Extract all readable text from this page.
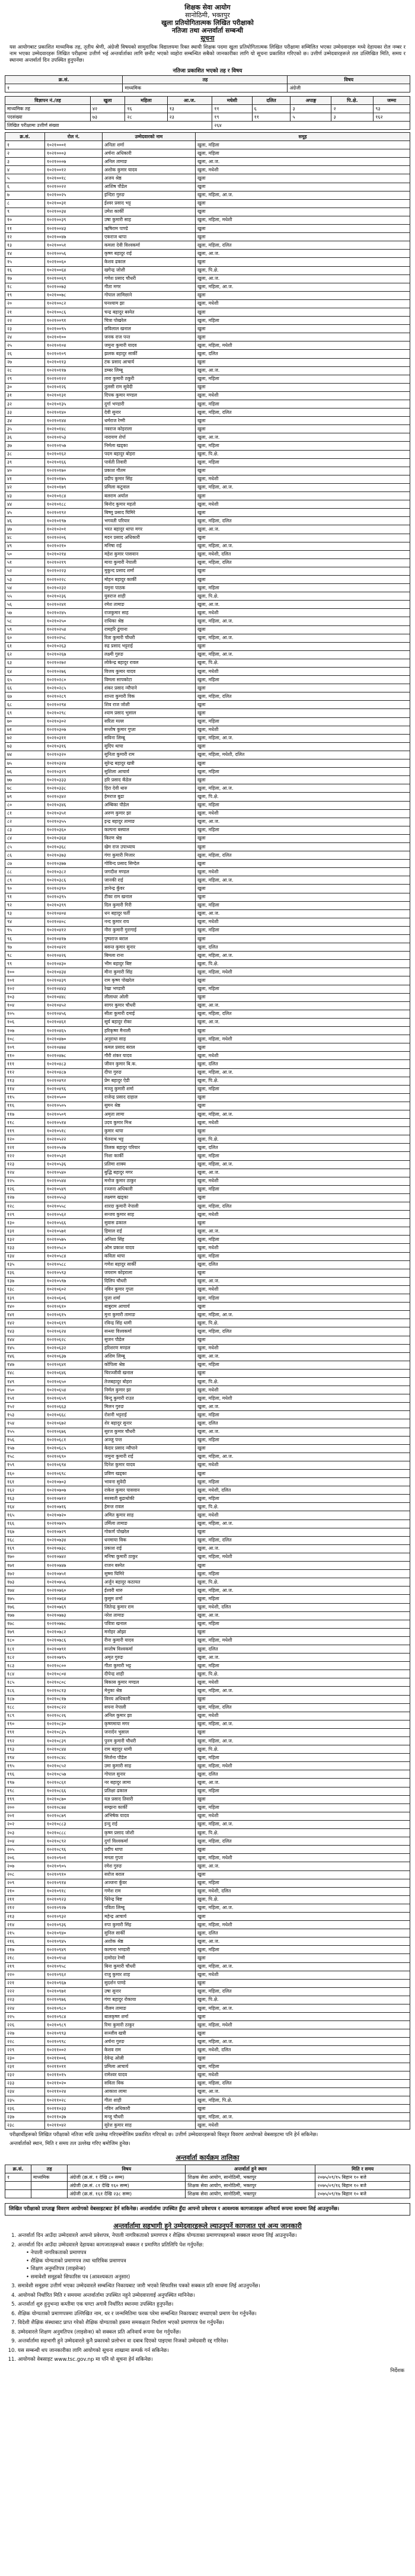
शिक्षक सेवा आयोग
सानोठिमी, भक्तपुर
खुला प्रतियोगितात्मक लिखित परीक्षाको
नतिजा तथा अन्तर्वार्ता सम्बन्धी
सूचना
यस आयोगबाट प्रकाशित माध्यमिक तह, तृतीय श्रेणी, अंग्रेजी विषयको सामुदायिक विद्यालयमा रिक्त स्थायी शिक्षक पदमा खुला प्रतियोगितात्मक लिखित परीक्षामा सम्मिलित भएका उम्मेदवारहरू मध्ये देहायका रोल नम्बर र नाम भएका उम्मेदवारहरू लिखित परीक्षामा उत्तीर्ण भई अन्तर्वार्ताका लागि छनौट भएको व्यहोरा सम्बन्धित सबैको जानकारीका लागि यो सूचना प्रकाशित गरिएको छ। उत्तीर्ण उम्मेदवारहरूले तल उल्लिखित मिति, समय र स्थानमा अन्तर्वार्ता दिन उपस्थित हुनुपर्नेछ।
नतिजा प्रकाशित भएको तह र विषय
क्र.सं.	तह	विषय
१	माध्यमिक	अंग्रेजी
विज्ञापन नं./तह	खुला	महिला	आ.ज.	मधेशी	दलित	अपाङ्ग	पि.क्षे.	जम्मा
माध्यमिक तह	४२	१६	१३	११	६	३	२	९३
पदसंख्या	७३	२८	२३	१९	११	५	३	१६२
लिखित परीक्षामा उत्तीर्ण संख्या				२६४				
क्र.सं.	रोल नं.	उम्मेदवारको नाम	समूह
१	१०२१०००१	अनिता शर्मा	खुला, महिला
२	१०२१०००३	अर्चना अधिकारी	खुला, महिला
३	१०२१०००७	अनिल तामाङ	खुला, आ.ज.
४	१०२१००१२	अशोक कुमार यादव	खुला, मधेशी
५	१०२१००१८	अजय श्रेष्ठ	खुला
६	१०२१००२२	आशिष पौडेल	खुला
७	१०२१००२५	इन्दिरा गुरुङ	खुला, महिला, आ.ज.
८	१०२१००३१	ईश्वर प्रसाद भट्ट	खुला
९	१०२१००३४	उमेश कार्की	खुला
१०	१०२१००३९	उषा कुमारी साह	खुला, महिला, मधेशी
११	१०२१००४३	ऋषिराम पाण्डे	खुला
१२	१०२१००४७	एकराज थापा	खुला
१३	१०२१००५१	कमला देवी विश्वकर्मा	खुला, महिला, दलित
१४	१०२१००५६	कृष्ण बहादुर राई	खुला, आ.ज.
१५	१०२१००६०	केशव ढकाल	खुला
१६	१०२१००६४	खगेन्द्र जोशी	खुला, पि.क्षे.
१७	१०२१००६९	गणेश प्रसाद चौधरी	खुला, आ.ज.
१८	१०२१००७३	गीता मगर	खुला, महिला, आ.ज.
१९	१०२१००७८	गोपाल लामिछाने	खुला
२०	१०२१००८२	घनश्याम झा	खुला, मधेशी
२१	१०२१००८६	चन्द्र बहादुर बस्नेत	खुला
२२	१०२१००९१	चित्रा पोखरेल	खुला, महिला
२३	१०२१००९५	छविलाल खनाल	खुला
२४	१०२१०१००	जनक राज पन्त	खुला
२५	१०२१०१०४	जमुना कुमारी यादव	खुला, महिला, मधेशी
२६	१०२१०१०९	झलक बहादुर सार्की	खुला, दलित
२७	१०२१०११३	टंक प्रसाद आचार्य	खुला
२८	१०२१०११७	डम्बर लिम्बू	खुला, आ.ज.
२९	१०२१०१२२	तारा कुमारी ठकुरी	खुला, महिला
३०	१०२१०१२६	तुलसी राम सुवेदी	खुला
३१	१०२१०१३१	दिपक कुमार मण्डल	खुला, मधेशी
३२	१०२१०१३५	दुर्गा भण्डारी	खुला, महिला
३३	१०२१०१४०	देवी सुनार	खुला, महिला, दलित
३४	१०२१०१४४	धर्मराज रेग्मी	खुला
३५	१०२१०१४८	नवराज कोइराला	खुला
३६	१०२१०१५३	नारायण शेर्पा	खुला, आ.ज.
३७	१०२१०१५७	निर्मला खड्का	खुला, महिला
३८	१०२१०१६२	पदम बहादुर बोहरा	खुला, पि.क्षे.
३९	१०२१०१६६	पार्वती तिवारी	खुला, महिला
४०	१०२१०१७०	प्रकाश गौतम	खुला
४१	१०२१०१७५	प्रदीप कुमार सिंह	खुला, मधेशी
४२	१०२१०१७९	प्रमिला कटुवाल	खुला, महिला, आ.ज.
४३	१०२१०१८४	बलराम अर्याल	खुला
४४	१०२१०१८८	बिनोद कुमार महतो	खुला, मधेशी
४५	१०२१०१९२	बिष्णु प्रसाद घिमिरे	खुला
४६	१०२१०१९७	भगवती परियार	खुला, महिला, दलित
४७	१०२१०२०१	भरत बहादुर थापा मगर	खुला, आ.ज.
४८	१०२१०२०६	मदन प्रसाद अधिकारी	खुला
४९	१०२१०२१०	मनिषा राई	खुला, महिला, आ.ज.
५०	१०२१०२१४	महेश कुमार पासवान	खुला, मधेशी, दलित
५१	१०२१०२१९	माया कुमारी नेपाली	खुला, महिला, दलित
५२	१०२१०२२३	मुकुन्द प्रसाद शर्मा	खुला
५३	१०२१०२२८	मोहन बहादुर कार्की	खुला
५४	१०२१०२३२	यमुना पाठक	खुला, महिला
५५	१०२१०२३६	युवराज शाही	खुला, पि.क्षे.
५६	१०२१०२४१	रमेश तामाङ	खुला, आ.ज.
५७	१०२१०२४५	राजकुमार साह	खुला, मधेशी
५८	१०२१०२५०	राधिका श्रेष्ठ	खुला, महिला, आ.ज.
५९	१०२१०२५४	रामहरि ढुंगाना	खुला
६०	१०२१०२५८	रिता कुमारी चौधरी	खुला, महिला, आ.ज.
६१	१०२१०२६३	रुद्र प्रसाद भट्टराई	खुला
६२	१०२१०२६७	लक्ष्मी गुरुङ	खुला, महिला, आ.ज.
६३	१०२१०२७२	लोकेन्द्र बहादुर रावल	खुला, पि.क्षे.
६४	१०२१०२७६	विजय कुमार यादव	खुला, मधेशी
६५	१०२१०२८०	विमला सापकोटा	खुला, महिला
६६	१०२१०२८५	शंकर प्रसाद न्यौपाने	खुला
६७	१०२१०२८९	शान्ता कुमारी विक	खुला, महिला, दलित
६८	१०२१०२९४	शिव राज जोशी	खुला
६९	१०२१०२९८	श्याम प्रसाद भुसाल	खुला
७०	१०२१०३०२	सरिता मल्ल	खुला, महिला
७१	१०२१०३०७	सन्तोष कुमार गुप्ता	खुला, मधेशी
७२	१०२१०३११	सविना लिम्बू	खुला, महिला, आ.ज.
७३	१०२१०३१६	सुदिप थापा	खुला
७४	१०२१०३२०	सुनिता कुमारी राम	खुला, महिला, मधेशी, दलित
७५	१०२१०३२४	सुरेन्द्र बहादुर खत्री	खुला
७६	१०२१०३२९	सुशिला आचार्य	खुला, महिला
७७	१०२१०३३३	हरि प्रसाद कँडेल	खुला
७८	१०२१०३३८	हिरा देवी थारु	खुला, महिला, आ.ज.
७९	१०२१०३४२	हेमराज बुढा	खुला, पि.क्षे.
८०	१०२१०३४६	अम्बिका पौडेल	खुला, महिला
८१	१०२१०३५१	अरुण कुमार झा	खुला, मधेशी
८२	१०२१०३५५	इन्द्र बहादुर तामाङ	खुला, आ.ज.
८३	१०२१०३६०	कल्पना बस्याल	खुला, महिला
८४	१०२१०३६४	किरण श्रेष्ठ	खुला
८५	१०२१०३६८	खेम राज उपाध्याय	खुला
८६	१०२१०३७३	गंगा कुमारी मिजार	खुला, महिला, दलित
८७	१०२१०३७७	गोविन्द प्रसाद सिग्देल	खुला
८८	१०२१०३८२	जगदीश मण्डल	खुला, मधेशी
८९	१०२१०३८६	जानकी राई	खुला, महिला, आ.ज.
९०	१०२१०३९०	ज्ञानेन्द्र कुँवर	खुला
९१	१०२१०३९५	टीका राम खनाल	खुला
९२	१०२१०३९९	दिल कुमारी गिरी	खुला, महिला
९३	१०२१०४०४	धन बहादुर घर्ती	खुला, आ.ज.
९४	१०२१०४०८	नन्द कुमार राय	खुला, मधेशी
९५	१०२१०४१२	नीरा कुमारी गुरागाई	खुला, महिला
९६	१०२१०४१७	पुष्पराज बराल	खुला
९७	१०२१०४२१	बसन्त कुमार सुनार	खुला, दलित
९८	१०२१०४२६	बिमला राना	खुला, महिला, आ.ज.
९९	१०२१०४३०	भीम बहादुर बिष्ट	खुला, पि.क्षे.
१००	१०२१०४३४	मीना कुमारी सिंह	खुला, महिला, मधेशी
१०१	१०२१०४३९	राम कृष्ण पोखरेल	खुला
१०२	१०२१०४४३	रेखा भण्डारी	खुला, महिला
१०३	१०२१०४४८	लीलाधर ओली	खुला
१०४	१०२१०४५२	सागर कुमार चौधरी	खुला, आ.ज.
१०५	१०२१०४५६	सीता कुमारी दमाई	खुला, महिला, दलित
१०६	१०२१०४६१	सूर्य बहादुर रोका	खुला, आ.ज.
१०७	१०२१०४६५	हरिकृष्ण मैनाली	खुला
१०८	१०२१०४७०	अनुराधा साह	खुला, महिला, मधेशी
१०९	१०२१०४७४	कमल प्रसाद बराल	खुला
११०	१०२१०४७८	गौरी शंकर यादव	खुला, मधेशी
१११	१०२१०४८३	जीवन कुमार बि.क.	खुला, दलित
११२	१०२१०४८७	दीपा गुरुङ	खुला, महिला, आ.ज.
११३	१०२१०४९२	प्रेम बहादुर ऐडी	खुला, पि.क्षे.
११४	१०२१०४९६	मञ्जु कुमारी शर्मा	खुला, महिला
११५	१०२१०५००	राजेन्द्र प्रसाद दाहाल	खुला
११६	१०२१०५०५	सुमन श्रेष्ठ	खुला
११७	१०२१०५०९	अमृता लामा	खुला, महिला, आ.ज.
११८	१०२१०५१४	उदय कुमार मिश्र	खुला, मधेशी
११९	१०२१०५१८	कुमार थापा	खुला
१२०	१०२१०५२२	चेतनाथ भट्ट	खुला, पि.क्षे.
१२१	१०२१०५२७	तिलक बहादुर परियार	खुला, दलित
१२२	१०२१०५३१	निशा कार्की	खुला, महिला
१२३	१०२१०५३६	प्रतिमा शाक्य	खुला, महिला, आ.ज.
१२४	१०२१०५४०	बुद्धि बहादुर मगर	खुला, आ.ज.
१२५	१०२१०५४४	मनोज कुमार ठाकुर	खुला, मधेशी
१२६	१०२१०५४९	रञ्जना अधिकारी	खुला, महिला
१२७	१०२१०५५३	लक्ष्मण खड्का	खुला
१२८	१०२१०५५८	शारदा कुमारी नेपाली	खुला, महिला, दलित
१२९	१०२१०५६२	सन्जय कुमार साह	खुला, मधेशी
१३०	१०२१०५६६	सुवास ढकाल	खुला
१३१	१०२१०५७१	हिमाल राई	खुला, आ.ज.
१३२	१०२१०५७५	अनिशा सिंह	खुला, महिला
१३३	१०२१०५८०	ओम प्रकाश यादव	खुला, मधेशी
१३४	१०२१०५८४	कविता थापा	खुला, महिला
१३५	१०२१०५८८	गणेश बहादुर सार्की	खुला, दलित
१३६	१०२१०५९३	जयराम कोइराला	खुला
१३७	१०२१०५९७	दिलिप चौधरी	खुला, आ.ज.
१३८	१०२१०६०२	नविन कुमार गुप्ता	खुला, मधेशी
१३९	१०२१०६०६	पूजा शर्मा	खुला, महिला
१४०	१०२१०६१०	बाबुराम आचार्य	खुला
१४१	१०२१०६१५	मुना कुमारी तामाङ	खुला, महिला, आ.ज.
१४२	१०२१०६१९	रविन्द्र सिंह धामी	खुला, पि.क्षे.
१४३	१०२१०६२४	सन्ध्या विश्वकर्मा	खुला, महिला, दलित
१४४	१०२१०६२८	सुजन पौडेल	खुला
१४५	१०२१०६३२	हरिशरण मण्डल	खुला, मधेशी
१४६	१०२१०६३७	अशिम लिम्बू	खुला, आ.ज.
१४७	१०२१०६४१	कोपिला श्रेष्ठ	खुला, महिला
१४८	१०२१०६४६	चिरञ्जीवी खनाल	खुला
१४९	१०२१०६५०	तेजबहादुर बोहरा	खुला, पि.क्षे.
१५०	१०२१०६५४	निर्मल कुमार झा	खुला, मधेशी
१५१	१०२१०६५९	बिन्दु कुमारी राउत	खुला, महिला, मधेशी
१५२	१०२१०६६३	मिलन गुरुङ	खुला, आ.ज.
१५३	१०२१०६६८	रोशनी भट्टराई	खुला, महिला
१५४	१०२१०६७२	शेर बहादुर सुनार	खुला, दलित
१५५	१०२१०६७६	सुरज कुमार चौधरी	खुला, आ.ज.
१५६	१०२१०६८१	अञ्जु पन्त	खुला, महिला
१५७	१०२१०६८५	केदार प्रसाद न्यौपाने	खुला
१५८	१०२१०६९०	जमुना कुमारी राई	खुला, महिला, आ.ज.
१५९	१०२१०६९४	दिनेश कुमार यादव	खुला, मधेशी
१६०	१०२१०६९८	प्रविण खड्का	खुला
१६१	१०२१०७०३	भावना सुवेदी	खुला, महिला
१६२	१०२१०७०७	राकेश कुमार पासवान	खुला, मधेशी, दलित
१६३	१०२१०७१२	सरस्वती बुढाथोकी	खुला, महिला
१६४	१०२१०७१६	हेमन्त रावल	खुला, पि.क्षे.
१६५	१०२१०७२०	अमित कुमार साह	खुला, मधेशी
१६६	१०२१०७२५	उर्मिला तामाङ	खुला, महिला, आ.ज.
१६७	१०२१०७२९	गोकर्ण पोखरेल	खुला
१६८	१०२१०७३४	धनमाया विक	खुला, महिला, दलित
१६९	१०२१०७३८	प्रकाश राई	खुला, आ.ज.
१७०	१०२१०७४२	मनिषा कुमारी ठाकुर	खुला, महिला, मधेशी
१७१	१०२१०७४७	राजन बस्नेत	खुला
१७२	१०२१०७५१	सुष्मा घिमिरे	खुला, महिला
१७३	१०२१०७५६	अर्जुन बहादुर कठायत	खुला, पि.क्षे.
१७४	१०२१०७६०	ईश्वरी थारु	खुला, महिला, आ.ज.
१७५	१०२१०७६४	कुसुम शर्मा	खुला, महिला
१७६	१०२१०७६९	जितेन्द्र कुमार राम	खुला, मधेशी, दलित
१७७	१०२१०७७३	नरेश तामाङ	खुला, आ.ज.
१७८	१०२१०७७८	पवित्रा खनाल	खुला, महिला
१७९	१०२१०७८२	मनोहर ओझा	खुला
१८०	१०२१०७८६	रीना कुमारी यादव	खुला, महिला, मधेशी
१८१	१०२१०७९१	सन्तोष विश्वकर्मा	खुला, दलित
१८२	१०२१०७९५	अमृत गुरुङ	खुला, आ.ज.
१८३	१०२१०८००	गीता कुमारी भट्ट	खुला, महिला
१८४	१०२१०८०४	दीपेन्द्र शाही	खुला, पि.क्षे.
१८५	१०२१०८०८	बिकास कुमार मण्डल	खुला, मधेशी
१८६	१०२१०८१३	मेनुका श्रेष्ठ	खुला, महिला, आ.ज.
१८७	१०२१०८१७	विनय अधिकारी	खुला
१८८	१०२१०८२२	सपना नेपाली	खुला, महिला, दलित
१८९	१०२१०८२६	अनिल कुमार झा	खुला, मधेशी
१९०	१०२१०८३०	कृष्णमाया मगर	खुला, महिला, आ.ज.
१९१	१०२१०८३५	जनार्दन भुसाल	खुला
१९२	१०२१०८३९	पुनम कुमारी चौधरी	खुला, महिला, आ.ज.
१९३	१०२१०८४४	राम बहादुर धामी	खुला, पि.क्षे.
१९४	१०२१०८४८	सिर्जना पौडेल	खुला, महिला
१९५	१०२१०८५२	उमा कुमारी साह	खुला, महिला, मधेशी
१९६	१०२१०८५७	गोपाल सुनार	खुला, दलित
१९७	१०२१०८६१	नर बहादुर लामा	खुला, आ.ज.
१९८	१०२१०८६६	प्रतिक्षा ढकाल	खुला, महिला
१९९	१०२१०८७०	यज्ञ प्रसाद तिवारी	खुला
२००	१०२१०८७४	सम्झना कार्की	खुला, महिला
२०१	१०२१०८७९	अभिषेक यादव	खुला, मधेशी
२०२	१०२१०८८३	इन्दु राई	खुला, महिला, आ.ज.
२०३	१०२१०८८८	कृष्ण प्रसाद जोशी	खुला, पि.क्षे.
२०४	१०२१०८९२	दुर्गा विश्वकर्मा	खुला, महिला, दलित
२०५	१०२१०८९६	प्रदीप थापा	खुला
२०६	१०२१०९०१	ममता गुप्ता	खुला, महिला, मधेशी
२०७	१०२१०९०५	रमेश गुरुङ	खुला, आ.ज.
२०८	१०२१०९१०	सरोज बराल	खुला
२०९	१०२१०९१४	अञ्जना कुँवर	खुला, महिला
२१०	१०२१०९१८	गणेश राम	खुला, मधेशी, दलित
२११	१०२१०९२३	धिरेन्द्र बिष्ट	खुला, पि.क्षे.
२१२	१०२१०९२७	पविता लिम्बू	खुला, महिला, आ.ज.
२१३	१०२१०९३२	महेन्द्र आचार्य	खुला
२१४	१०२१०९३६	रुपा कुमारी सिंह	खुला, महिला, मधेशी
२१५	१०२१०९४०	सुनिल सार्की	खुला, दलित
२१६	१०२१०९४५	अशोक श्रेष्ठ	खुला, आ.ज.
२१७	१०२१०९४९	कल्पना भण्डारी	खुला, महिला
२१८	१०२१०९५४	दामोदर रेग्मी	खुला
२१९	१०२१०९५८	बिना कुमारी चौधरी	खुला, महिला, आ.ज.
२२०	१०२१०९६२	राजु कुमार शाह	खुला, मधेशी
२२१	१०२१०९६७	सुदर्शन पाण्डे	खुला
२२२	१०२१०९७१	उषा सुनार	खुला, महिला, दलित
२२३	१०२१०९७६	गंगा बहादुर रोकाया	खुला, पि.क्षे.
२२४	१०२१०९८०	नीलम तामाङ	खुला, महिला, आ.ज.
२२५	१०२१०९८४	बालकृष्ण शर्मा	खुला
२२६	१०२१०९८९	रिमा कुमारी ठाकुर	खुला, महिला, मधेशी
२२७	१०२१०९९३	सञ्जीव खत्री	खुला
२२८	१०२१०९९८	अर्चना गुरुङ	खुला, महिला, आ.ज.
२२९	१०२११००२	केशव राम	खुला, मधेशी, दलित
२३०	१०२११००६	देवेन्द्र ओली	खुला
२३१	१०२११०११	प्रमिला आचार्य	खुला, महिला
२३२	१०२११०१५	रामेश्वर यादव	खुला, मधेशी
२३३	१०२११०२०	सविता विक	खुला, महिला, दलित
२३४	१०२११०२४	आकाश लामा	खुला, आ.ज.
२३५	१०२११०२८	गीता शाही	खुला, महिला, पि.क्षे.
२३६	१०२११०३३	नविन अधिकारी	खुला
२३७	१०२११०३७	मन्जु चौधरी	खुला, महिला, आ.ज.
२३८	१०२११०४२	सुरेश कुमार साह	खुला, मधेशी
परीक्षार्थीहरूको लिखित परीक्षाको नतिजा माथि उल्लेख गरिएबमोजिम प्रकाशित गरिएको छ। उत्तीर्ण उम्मेदवारहरूको विस्तृत विवरण आयोगको वेबसाइटमा पनि हेर्न सकिनेछ।
अन्तर्वार्ताको स्थान, मिति र समय तल उल्लेख गरिए बमोजिम हुनेछ।
अन्तर्वार्ता कार्यक्रम तालिका
क्र.सं.	तह	विषय	अन्तर्वार्ता हुने स्थान	मिति र समय
१	माध्यमिक	अंग्रेजी (क्र.सं. १ देखि ८० सम्म)	शिक्षक सेवा आयोग, सानोठिमी, भक्तपुर	२०७५/०९/१५ बिहान १० बजे
		अंग्रेजी (क्र.सं. ८१ देखि १६० सम्म)	शिक्षक सेवा आयोग, सानोठिमी, भक्तपुर	२०७५/०९/१६ बिहान १० बजे
		अंग्रेजी (क्र.सं. १६१ देखि २३८ सम्म)	शिक्षक सेवा आयोग, सानोठिमी, भक्तपुर	२०७५/०९/१७ बिहान १० बजे
लिखित परीक्षाको प्राप्ताङ्क विवरण आयोगको वेबसाइटबाट हेर्न सकिनेछ। अन्तर्वार्तामा उपस्थित हुँदा आफ्नो प्रवेशपत्र र आवश्यक कागजातहरू अनिवार्य रूपमा साथमा लिई आउनुपर्नेछ।
अन्तर्वार्तामा सहभागी हुने उम्मेदवारहरूले ल्याउनुपर्ने कागजात एवं अन्य जानकारी
1. अन्तर्वार्ता दिन आउँदा उम्मेदवारले आफ्नो प्रवेशपत्र, नेपाली नागरिकताको प्रमाणपत्र र शैक्षिक योग्यताका प्रमाणपत्रहरूको सक्कल साथमा लिई आउनुपर्नेछ।
2. अन्तर्वार्ता दिन आउँदा उम्मेदवारले देहायका कागजातहरूको सक्कल र प्रमाणित प्रतिलिपि पेश गर्नुपर्नेछ:
• नेपाली नागरिकताको प्रमाणपत्र
• शैक्षिक योग्यताको प्रमाणपत्र तथा चारित्रिक प्रमाणपत्र
• शिक्षण अनुमतिपत्र (लाइसेन्स)
• समावेशी समूहको सिफारिस पत्र (आवश्यकता अनुसार)
3. समावेशी समूहमा उत्तीर्ण भएका उम्मेदवारले सम्बन्धित निकायबाट जारी भएको सिफारिस पत्रको सक्कल प्रति साथमा लिई आउनुपर्नेछ।
4. आयोगको निर्धारित मिति र समयमा अन्तर्वार्तामा उपस्थित नहुने उम्मेदवारलाई अनुपस्थित मानिनेछ।
5. अन्तर्वार्ता शुरु हुनुभन्दा कम्तीमा एक घण्टा अगावै निर्धारित स्थानमा उपस्थित हुनुपर्नेछ।
6. शैक्षिक योग्यताको प्रमाणपत्रमा उल्लिखित नाम, थर र जन्ममितिमा फरक परेमा सम्बन्धित निकायबाट सच्याएको प्रमाण पेश गर्नुपर्नेछ।
7. विदेशी शैक्षिक संस्थाबाट प्राप्त गरेको शैक्षिक योग्यताको हकमा समकक्षता निर्धारण भएको प्रमाणपत्र पेश गर्नुपर्नेछ।
8. उम्मेदवारले शिक्षण अनुमतिपत्र (लाइसेन्स) को सक्कल प्रति अनिवार्य रूपमा पेश गर्नुपर्नेछ।
9. अन्तर्वार्तामा सहभागी हुने उम्मेदवारले कुनै प्रकारको प्रलोभन वा दबाब दिएको पाइएमा निजको उम्मेदवारी रद्द गरिनेछ।
10. यस सम्बन्धी थप जानकारीका लागि आयोगको सूचना शाखामा सम्पर्क गर्न सकिनेछ।
11. आयोगको वेबसाइट www.tsc.gov.np मा पनि यो सूचना हेर्न सकिनेछ।
निर्देशक
